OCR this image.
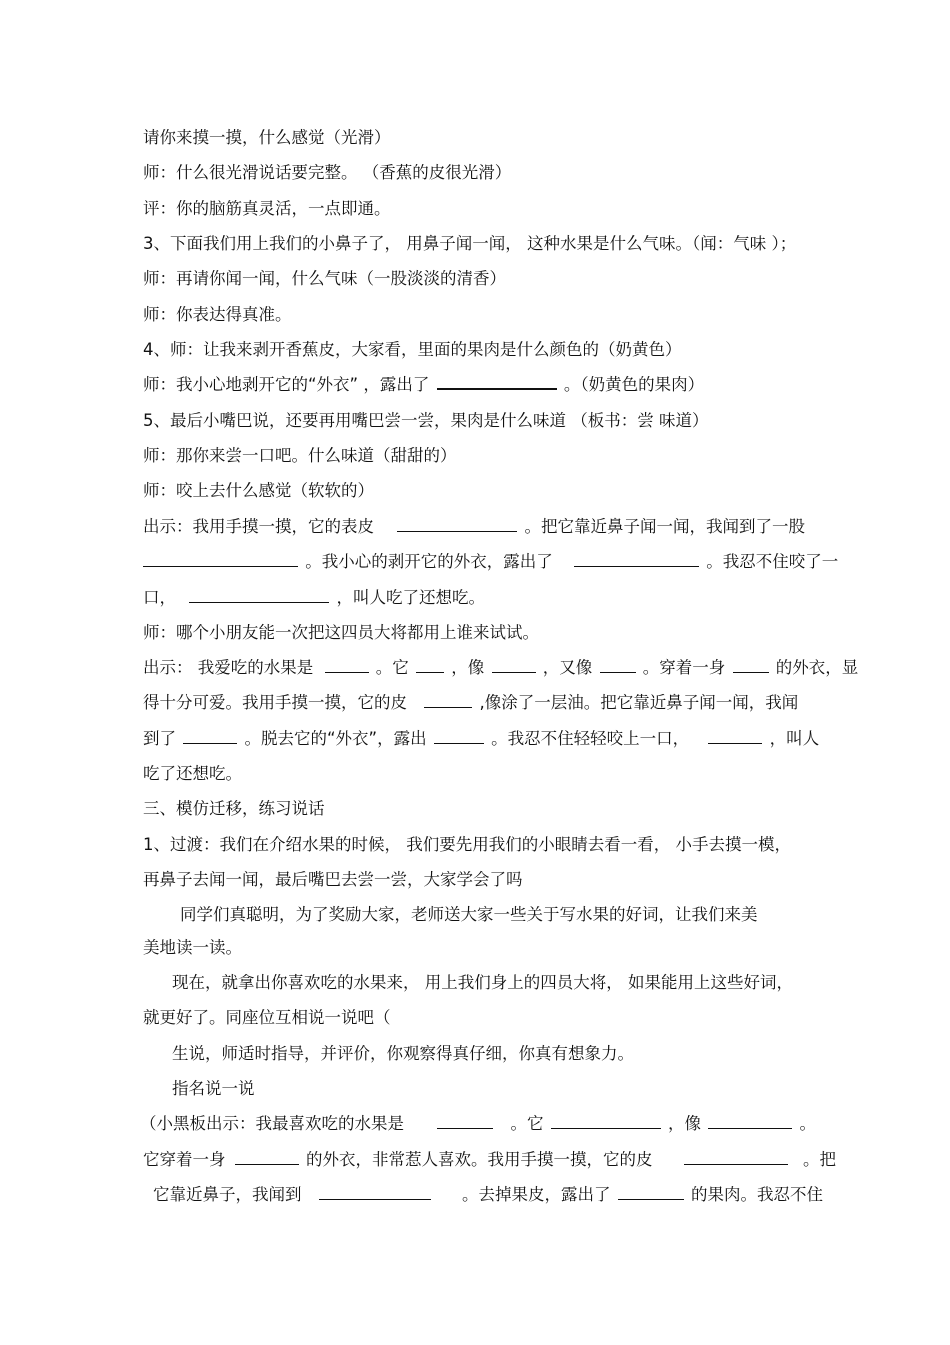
请你来摸一摸，什么感觉（光滑）
师：什么很光滑说话要完整。 （香蕉的皮很光滑）
评：你的脑筋真灵活，一点即通。
3、下面我们用上我们的小鼻子了， 用鼻子闻一闻， 这种水果是什么气味。（闻：气味 ）；
师：再请你闻一闻，什么气味（一股淡淡的清香）
师：你表达得真准。
4、师：让我来剥开香蕉皮，大家看，里面的果肉是什么颜色的（奶黄色）
师：我小心地剥开它的“外衣” ，露出了	。（奶黄色的果肉）
5、最后小嘴巴说，还要再用嘴巴尝一尝，果肉是什么味道 （板书：尝 味道）
师：那你来尝一口吧。什么味道（甜甜的）
师：咬上去什么感觉（软软的）
出示：我用手摸一摸，它的表皮	。把它靠近鼻子闻一闻，我闻到了一股
。我小心的剥开它的外衣，露出了	。我忍不住咬了一
口，	，叫人吃了还想吃。
师：哪个小朋友能一次把这四员大将都用上谁来试试。
出示： 我爱吃的水果是	。它	，像	，又像	。穿着一身	的外衣，显
得十分可爱。我用手摸一摸，它的皮	,像涂了一层油。把它靠近鼻子闻一闻，我闻
到了	。脱去它的“外衣”，露出	。我忍不住轻轻咬上一口，	，叫人
吃了还想吃。
三、模仿迁移，练习说话
1、过渡：我们在介绍水果的时候， 我们要先用我们的小眼睛去看一看， 小手去摸一模，
再鼻子去闻一闻，最后嘴巴去尝一尝，大家学会了吗
同学们真聪明，为了奖励大家，老师送大家一些关于写水果的好词，让我们来美
美地读一读。
现在，就拿出你喜欢吃的水果来， 用上我们身上的四员大将， 如果能用上这些好词，
就更好了。同座位互相说一说吧（
生说，师适时指导，并评价，你观察得真仔细，你真有想象力。
指名说一说
（小黑板出示：我最喜欢吃的水果是	。它	，像	。
它穿着一身	的外衣，非常惹人喜欢。我用手摸一摸，它的皮	。把
它靠近鼻子，我闻到	。去掉果皮，露出了	的果肉。我忍不住
